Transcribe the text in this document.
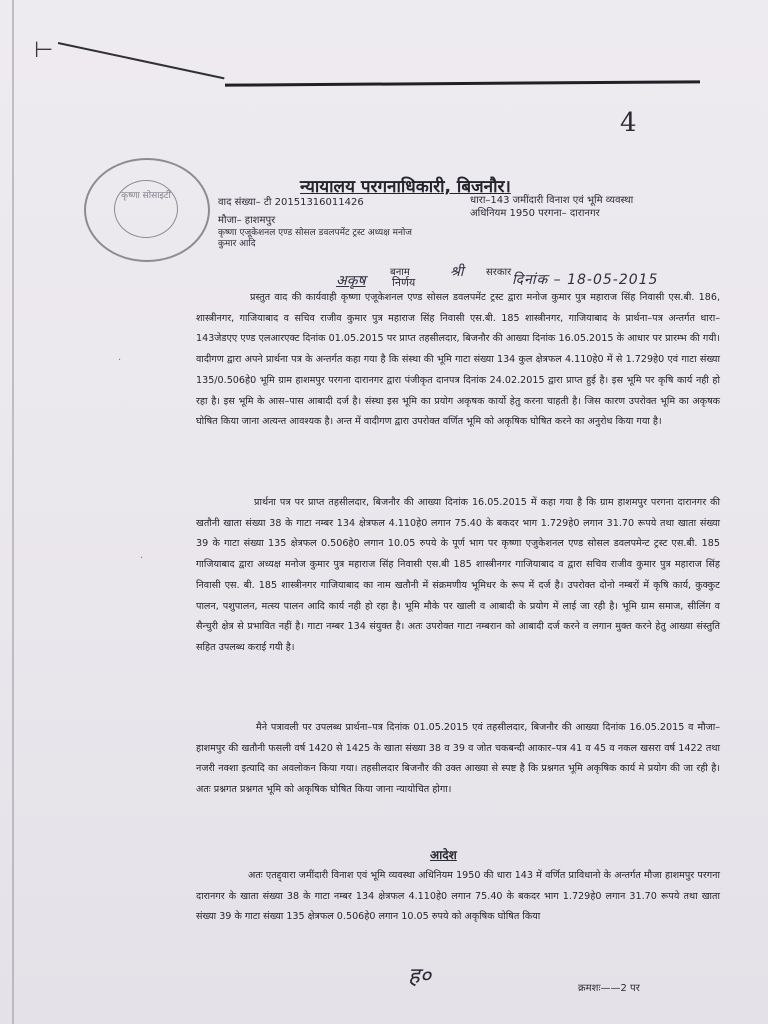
⊢
4
कृष्णा सोसाइटी	न्यायालय परगनाधिकारी, बिजनौर।
वाद संख्या– टी 20151316011426	धारा–143 जमींदारी विनाश एवं भूमि व्यवस्था अधिनियम 1950 परगना– दारानगर
मौजा– हाशमपुर
कृष्णा एजूकेशनल एण्ड सोसल डवलपमेंट ट्रस्ट अध्यक्ष मनोज कुमार आदि
बनाम	श्री सरकार
अकृष निर्णय	दिनांक – 18-05-2015
.
.
प्रस्तुत वाद की कार्यवाही कृष्णा एजूकेशनल एण्ड सोसल डवलपमेंट ट्रस्ट द्वारा मनोज कुमार पुत्र महाराज सिंह निवासी एस.बी. 186, शास्त्रीनगर, गाजियाबाद व सचिव राजीव कुमार पुत्र महाराज सिंह निवासी एस.बी. 185 शास्त्रीनगर, गाजियाबाद के प्रार्थना–पत्र अन्तर्गत धारा–143जेडएए एण्ड एलआरएक्ट दिनांक 01.05.2015 पर प्राप्त तहसीलदार, बिजनौर की आख्या दिनांक 16.05.2015 के आधार पर प्रारम्भ की गयी। वादीगण द्वारा अपने प्रार्थना पत्र के अन्तर्गत कहा गया है कि संस्था की भूमि गाटा संख्या 134 कुल क्षेत्रफल 4.110हे0 में से 1.729हे0 एवं गाटा संख्या 135/0.506हे0 भूमि ग्राम हाशमपुर परगना दारानगर द्वारा पंजीकृत दानपत्र दिनांक 24.02.2015 द्वारा प्राप्त हुई है। इस भूमि पर कृषि कार्य नही हो रहा है। इस भूमि के आस–पास आबादी दर्ज है। संस्था इस भूमि का प्रयोग अकृषक कार्यो हेतु करना चाहती है। जिस कारण उपरोक्त भूमि का अकृषक घोषित किया जाना अत्यन्त आवश्यक है। अन्त में वादीगण द्वारा उपरोक्त वर्णित भूमि को अकृषिक घोषित करने का अनुरोध किया गया है।
प्रार्थना पत्र पर प्राप्त तहसीलदार, बिजनौर की आख्या दिनांक 16.05.2015 में कहा गया है कि ग्राम हाशमपुर परगना दारानगर की खतौनी खाता संख्या 38 के गाटा नम्बर 134 क्षेत्रफल 4.110हे0 लगान 75.40 के बकदर भाग 1.729हे0 लगान 31.70 रूपये तथा खाता संख्या 39 के गाटा संख्या 135 क्षेत्रफल 0.506हे0 लगान 10.05 रुपये के पूर्ण भाग पर कृष्णा एजुकेशनल एण्ड सोसल डवलपमेन्ट ट्रस्ट एस.बी. 185 गाजियाबाद द्वारा अध्यक्ष मनोज कुमार पुत्र महाराज सिंह निवासी एस.बी 185 शास्त्रीनगर गाजियाबाद व द्वारा सचिव राजीव कुमार पुत्र महाराज सिंह निवासी एस. बी. 185 शास्त्रीनगर गाजियाबाद का नाम खतौनी में संक्रमणीय भूमिधर के रूप में दर्ज है। उपरोक्त दोनो नम्बरों में कृषि कार्य, कुक्कुट पालन, पशुपालन, मत्स्य पालन आदि कार्य नही हो रहा है। भूमि मौके पर खाली व आबादी के प्रयोग में लाई जा रही है। भूमि ग्राम समाज, सीलिंग व सैन्चुरी क्षेत्र से प्रभावित नहीं है। गाटा नम्बर 134 संयुक्त है। अतः उपरोक्त गाटा नम्बरान को आबादी दर्ज करने व लगान मुक्त करने हेतु आख्या संस्तुति सहित उपलब्ध कराई गयी है।
मैने पत्रावली पर उपलब्ध प्रार्थना–पत्र दिनांक 01.05.2015 एवं तहसीलदार, बिजनौर की आख्या दिनांक 16.05.2015 व मौजा–हाशमपुर की खतौनी फसली वर्ष 1420 से 1425 के खाता संख्या 38 व 39 व जोत चकबन्दी आकार–पत्र 41 व 45 व नकल खसरा वर्ष 1422 तथा नजरी नक्शा इत्यादि का अवलोकन किया गया। तहसीलदार बिजनौर की उक्त आख्या से स्पष्ट है कि प्रश्नगत भूमि अकृषिक कार्य मे प्रयोग की जा रही है। अतः प्रश्नगत प्रश्नगत भूमि को अकृषिक घोषित किया जाना न्यायोचित होगा।
आदेश
अतः एतद्द्वारा जमींदारी विनाश एवं भूमि व्यवस्था अधिनियम 1950 की धारा 143 में वर्णित प्राविधानो के अन्तर्गत मौजा हाशमपुर परगना दारानगर के खाता संख्या 38 के गाटा नम्बर 134 क्षेत्रफल 4.110हे0 लगान 75.40 के बकदर भाग 1.729हे0 लगान 31.70 रूपये तथा खाता संख्या 39 के गाटा संख्या 135 क्षेत्रफल 0.506हे0 लगान 10.05 रुपये को अकृषिक घोषित किया
ह०	क्रमशः——2 पर
